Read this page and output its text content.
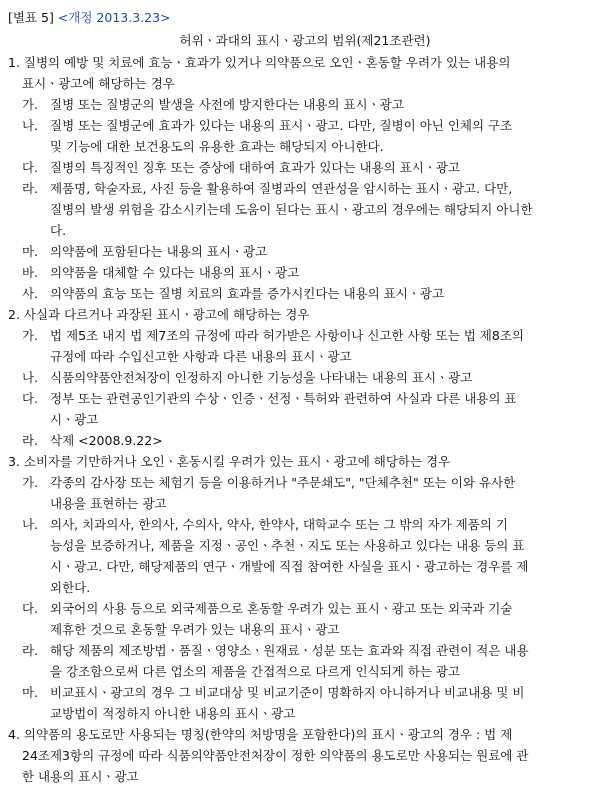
[별표 5] <개정 2013.3.23>
허위ㆍ과대의 표시ㆍ광고의 범위(제21조관련)
1. 질병의 예방 및 치료에 효능ㆍ효과가 있거나 의약품으로 오인ㆍ혼동할 우려가 있는 내용의
표시ㆍ광고에 해당하는 경우
가. 질병 또는 질병군의 발생을 사전에 방지한다는 내용의 표시ㆍ광고
나. 질병 또는 질병군에 효과가 있다는 내용의 표시ㆍ광고. 다만, 질병이 아닌 인체의 구조
및 기능에 대한 보건용도의 유용한 효과는 해당되지 아니한다.
다. 질병의 특징적인 징후 또는 증상에 대하여 효과가 있다는 내용의 표시ㆍ광고
라. 제품명, 학술자료, 사진 등을 활용하여 질병과의 연관성을 암시하는 표시ㆍ광고. 다만,
질병의 발생 위험을 감소시키는데 도움이 된다는 표시ㆍ광고의 경우에는 해당되지 아니한
다.
마. 의약품에 포함된다는 내용의 표시ㆍ광고
바. 의약품을 대체할 수 있다는 내용의 표시ㆍ광고
사. 의약품의 효능 또는 질병 치료의 효과를 증가시킨다는 내용의 표시ㆍ광고
2. 사실과 다르거나 과장된 표시ㆍ광고에 해당하는 경우
가. 법 제5조 내지 법 제7조의 규정에 따라 허가받은 사항이나 신고한 사항 또는 법 제8조의
규정에 따라 수입신고한 사항과 다른 내용의 표시ㆍ광고
나. 식품의약품안전처장이 인정하지 아니한 기능성을 나타내는 내용의 표시ㆍ광고
다. 정부 또는 관련공인기관의 수상ㆍ인증ㆍ선정ㆍ특허와 관련하여 사실과 다른 내용의 표
시ㆍ광고
라. 삭제 <2008.9.22>
3. 소비자를 기만하거나 오인ㆍ혼동시킬 우려가 있는 표시ㆍ광고에 해당하는 경우
가. 각종의 감사장 또는 체험기 등을 이용하거나 "주문쇄도", "단체추천" 또는 이와 유사한
내용을 표현하는 광고
나. 의사, 치과의사, 한의사, 수의사, 약사, 한약사, 대학교수 또는 그 밖의 자가 제품의 기
능성을 보증하거나, 제품을 지정ㆍ공인ㆍ추천ㆍ지도 또는 사용하고 있다는 내용 등의 표
시ㆍ광고. 다만, 해당제품의 연구ㆍ개발에 직접 참여한 사실을 표시ㆍ광고하는 경우를 제
외한다.
다. 외국어의 사용 등으로 외국제품으로 혼동할 우려가 있는 표시ㆍ광고 또는 외국과 기술
제휴한 것으로 혼동할 우려가 있는 내용의 표시ㆍ광고
라. 해당 제품의 제조방법ㆍ품질ㆍ영양소ㆍ원재료ㆍ성분 또는 효과와 직접 관련이 적은 내용
을 강조함으로써 다른 업소의 제품을 간접적으로 다르게 인식되게 하는 광고
마. 비교표시ㆍ광고의 경우 그 비교대상 및 비교기준이 명확하지 아니하거나 비교내용 및 비
교방법이 적정하지 아니한 내용의 표시ㆍ광고
4. 의약품의 용도로만 사용되는 명칭(한약의 처방명을 포함한다)의 표시ㆍ광고의 경우 : 법 제
24조제3항의 규정에 따라 식품의약품안전처장이 정한 의약품의 용도로만 사용되는 원료에 관
한 내용의 표시ㆍ광고
